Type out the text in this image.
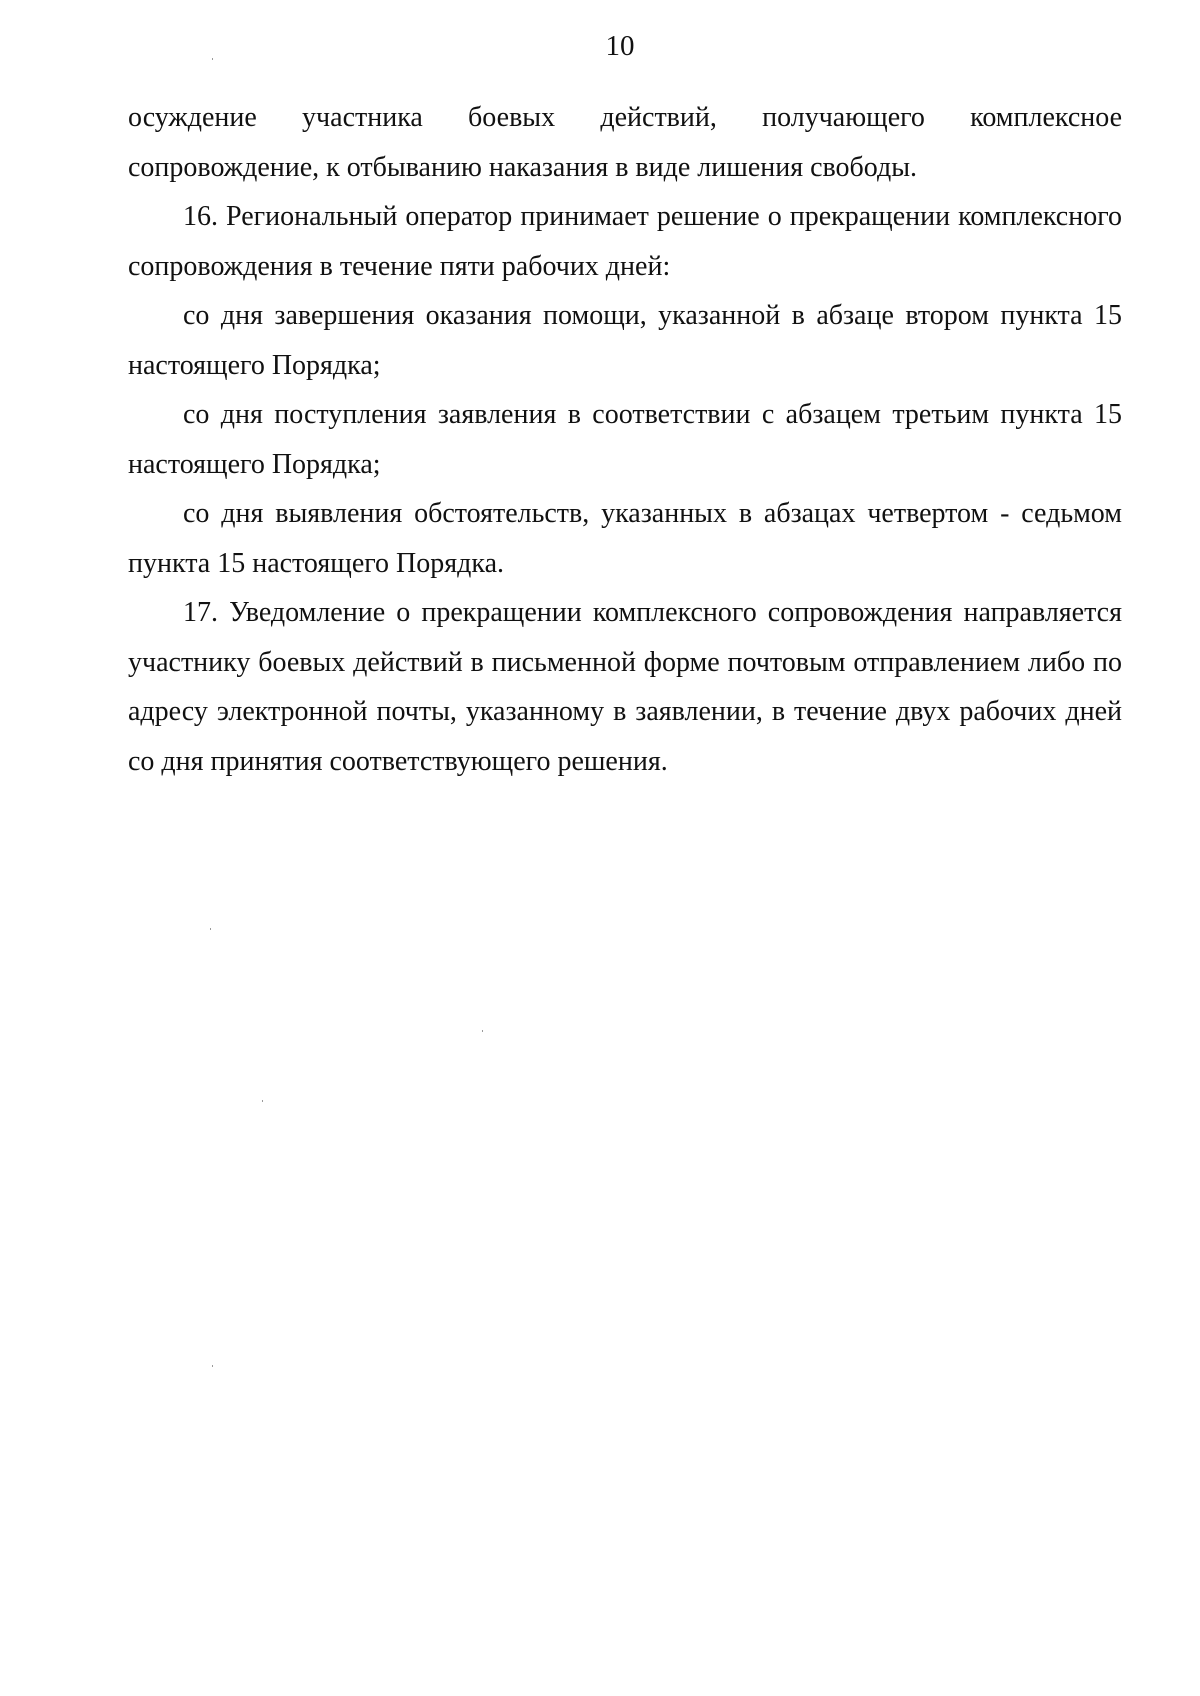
10

осуждение участника боевых действий, получающего комплексное сопровождение, к отбыванию наказания в виде лишения свободы.

16. Региональный оператор принимает решение о прекращении комплексного сопровождения в течение пяти рабочих дней:

со дня завершения оказания помощи, указанной в абзаце втором пункта 15 настоящего Порядка;

со дня поступления заявления в соответствии с абзацем третьим пункта 15 настоящего Порядка;

со дня выявления обстоятельств, указанных в абзацах четвертом - седьмом пункта 15 настоящего Порядка.

17. Уведомление о прекращении комплексного сопровождения направляется участнику боевых действий в письменной форме почтовым отправлением либо по адресу электронной почты, указанному в заявлении, в течение двух рабочих дней со дня принятия соответствующего решения.
